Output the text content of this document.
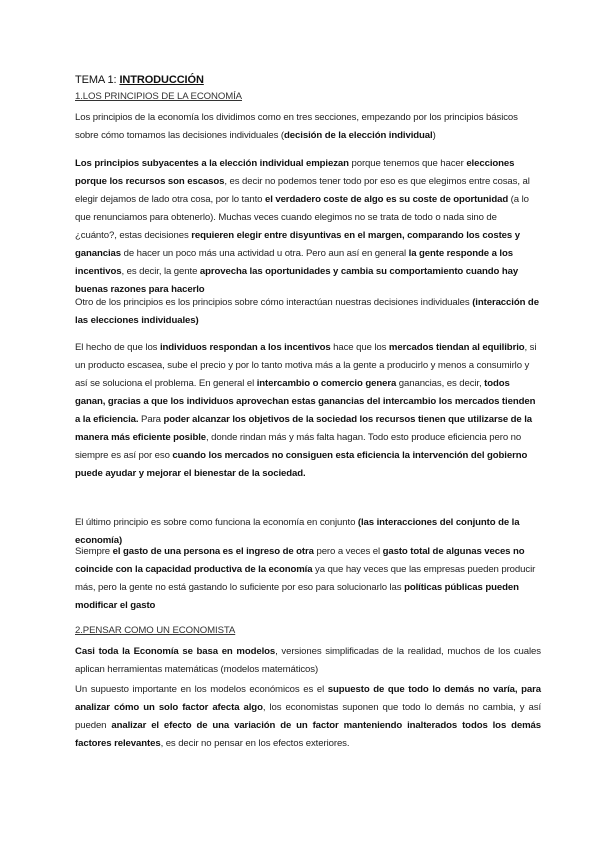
TEMA 1: INTRODUCCIÓN
1.LOS PRINCIPIOS DE LA ECONOMÍA
Los principios de la economía los dividimos como en tres secciones, empezando por los principios básicos sobre cómo tomamos las decisiones individuales (decisión de la elección individual)
Los principios subyacentes a la elección individual empiezan porque tenemos que hacer elecciones porque los recursos son escasos, es decir no podemos tener todo por eso es que elegimos entre cosas, al elegir dejamos de lado otra cosa, por lo tanto el verdadero coste de algo es su coste de oportunidad (a lo que renunciamos para obtenerlo). Muchas veces cuando elegimos no se trata de todo o nada sino de ¿cuánto?, estas decisiones requieren elegir entre disyuntivas en el margen, comparando los costes y ganancias de hacer un poco más una actividad u otra. Pero aun así en general la gente responde a los incentivos, es decir, la gente aprovecha las oportunidades y cambia su comportamiento cuando hay buenas razones para hacerlo
Otro de los principios es los principios sobre cómo interactúan nuestras decisiones individuales (interacción de las elecciones individuales)
El hecho de que los individuos respondan a los incentivos hace que los mercados tiendan al equilibrio, si un producto escasea, sube el precio y por lo tanto motiva más a la gente a producirlo y menos a consumirlo y así se soluciona el problema. En general el intercambio o comercio genera ganancias, es decir, todos ganan, gracias a que los individuos aprovechan estas ganancias del intercambio los mercados tienden a la eficiencia. Para poder alcanzar los objetivos de la sociedad los recursos tienen que utilizarse de la manera más eficiente posible, donde rindan más y más falta hagan. Todo esto produce eficiencia pero no siempre es así por eso cuando los mercados no consiguen esta eficiencia la intervención del gobierno puede ayudar y mejorar el bienestar de la sociedad.
El último principio es sobre como funciona la economía en conjunto (las interacciones del conjunto de la economía)
Siempre el gasto de una persona es el ingreso de otra pero a veces el gasto total de algunas veces no coincide con la capacidad productiva de la economía ya que hay veces que las empresas pueden producir más, pero la gente no está gastando lo suficiente por eso para solucionarlo las políticas públicas pueden modificar el gasto
2.PENSAR COMO UN ECONOMISTA
Casi toda la Economía se basa en modelos, versiones simplificadas de la realidad, muchos de los cuales aplican herramientas matemáticas (modelos matemáticos)
Un supuesto importante en los modelos económicos es el supuesto de que todo lo demás no varía, para analizar cómo un solo factor afecta algo, los economistas suponen que todo lo demás no cambia, y así pueden analizar el efecto de una variación de un factor manteniendo inalterados todos los demás factores relevantes, es decir no pensar en los efectos exteriores.
